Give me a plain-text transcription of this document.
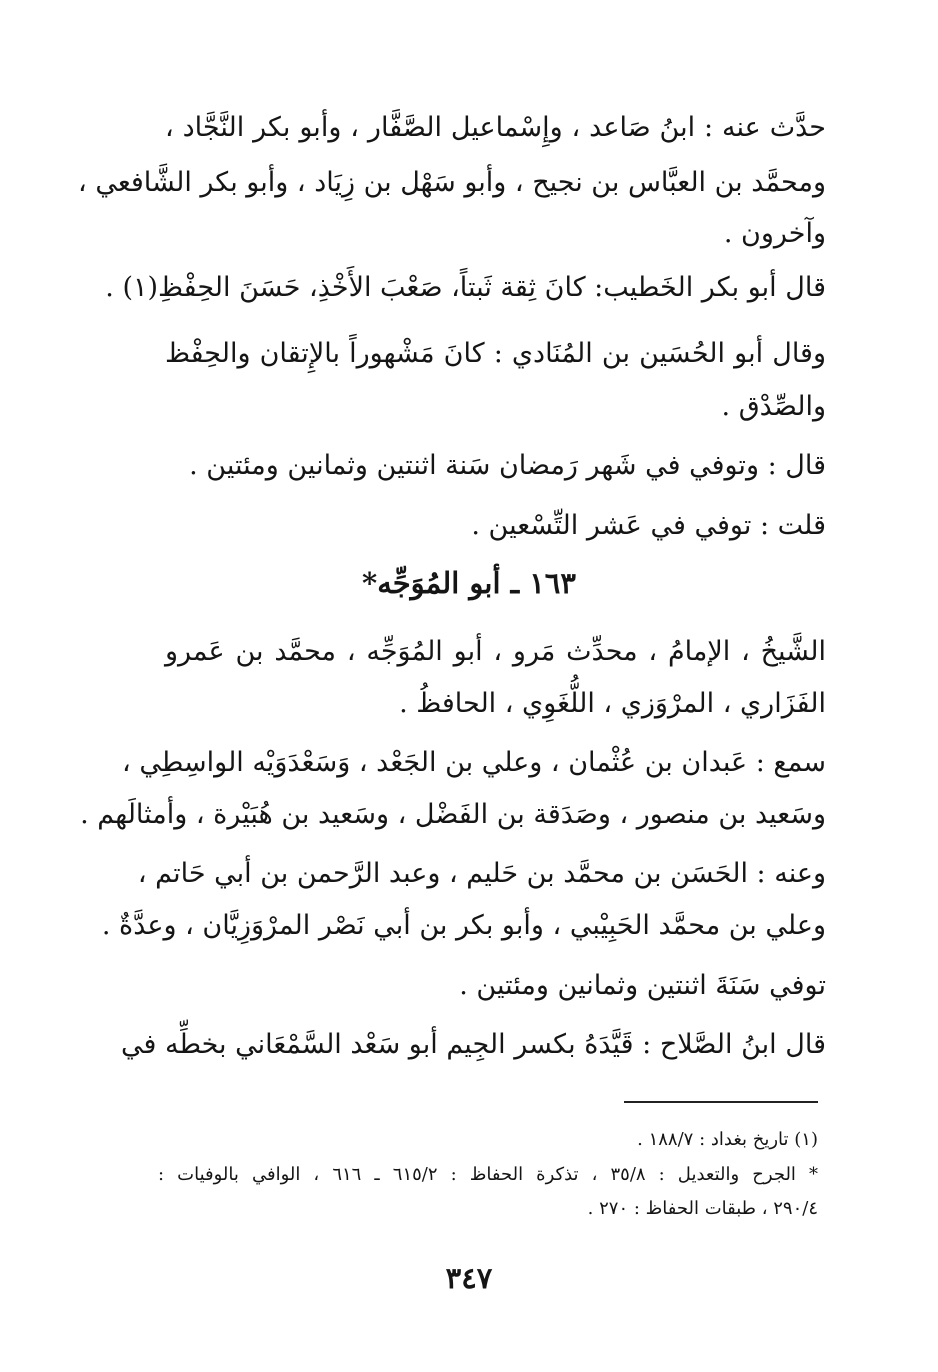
حدَّث عنه : ابنُ صَاعد ، وإِسْماعيل الصَّفَّار ، وأبو بكر النَّجَّاد ،
ومحمَّد بن العبَّاس بن نجيح ، وأبو سَهْل بن زِيَاد ، وأبو بكر الشَّافعي ،
وآخرون .
قال أبو بكر الخَطيب: كانَ ثِقة ثَبتاً، صَعْبَ الأَخْذِ، حَسَنَ الحِفْظِ(١) .
وقال أبو الحُسَين بن المُنَادي : كانَ مَشْهوراً بالإِتقان والحِفْظ
والصِّدْق .
قال : وتوفي في شَهر رَمضان سَنة اثنتين وثمانين ومئتين .
قلت : توفي في عَشر التِّسْعين .
١٦٣ ـ أبو المُوَجِّه*
الشَّيخُ ، الإمامُ ، محدِّث مَرو ، أبو المُوَجِّه ، محمَّد بن عَمرو
الفَزَاري ، المرْوَزي ، اللُّغَوِي ، الحافظُ .
سمع : عَبدان بن عُثْمان ، وعلي بن الجَعْد ، وَسَعْدَوَيْه الواسِطِي ،
وسَعيد بن منصور ، وصَدَقة بن الفَضْل ، وسَعيد بن هُبَيْرة ، وأمثالَهم .
وعنه : الحَسَن بن محمَّد بن حَليم ، وعبد الرَّحمن بن أبي حَاتم ،
وعلي بن محمَّد الحَبِيْبي ، وأبو بكر بن أبي نَصْر المرْوَزِيَّان ، وعدَّةٌ .
توفي سَنَةَ اثنتين وثمانين ومئتين .
قال ابنُ الصَّلاح : قَيَّدَهُ بكسر الجِيم أبو سَعْد السَّمْعَاني بخطِّه في
(١) تاريخ بغداد : ١٨٨/٧ .
* الجرح والتعديل : ٣٥/٨ ، تذكرة الحفاظ : ٦١٥/٢ ـ ٦١٦ ، الوافي بالوفيات :
٢٩٠/٤ ، طبقات الحفاظ : ٢٧٠ .
٣٤٧
